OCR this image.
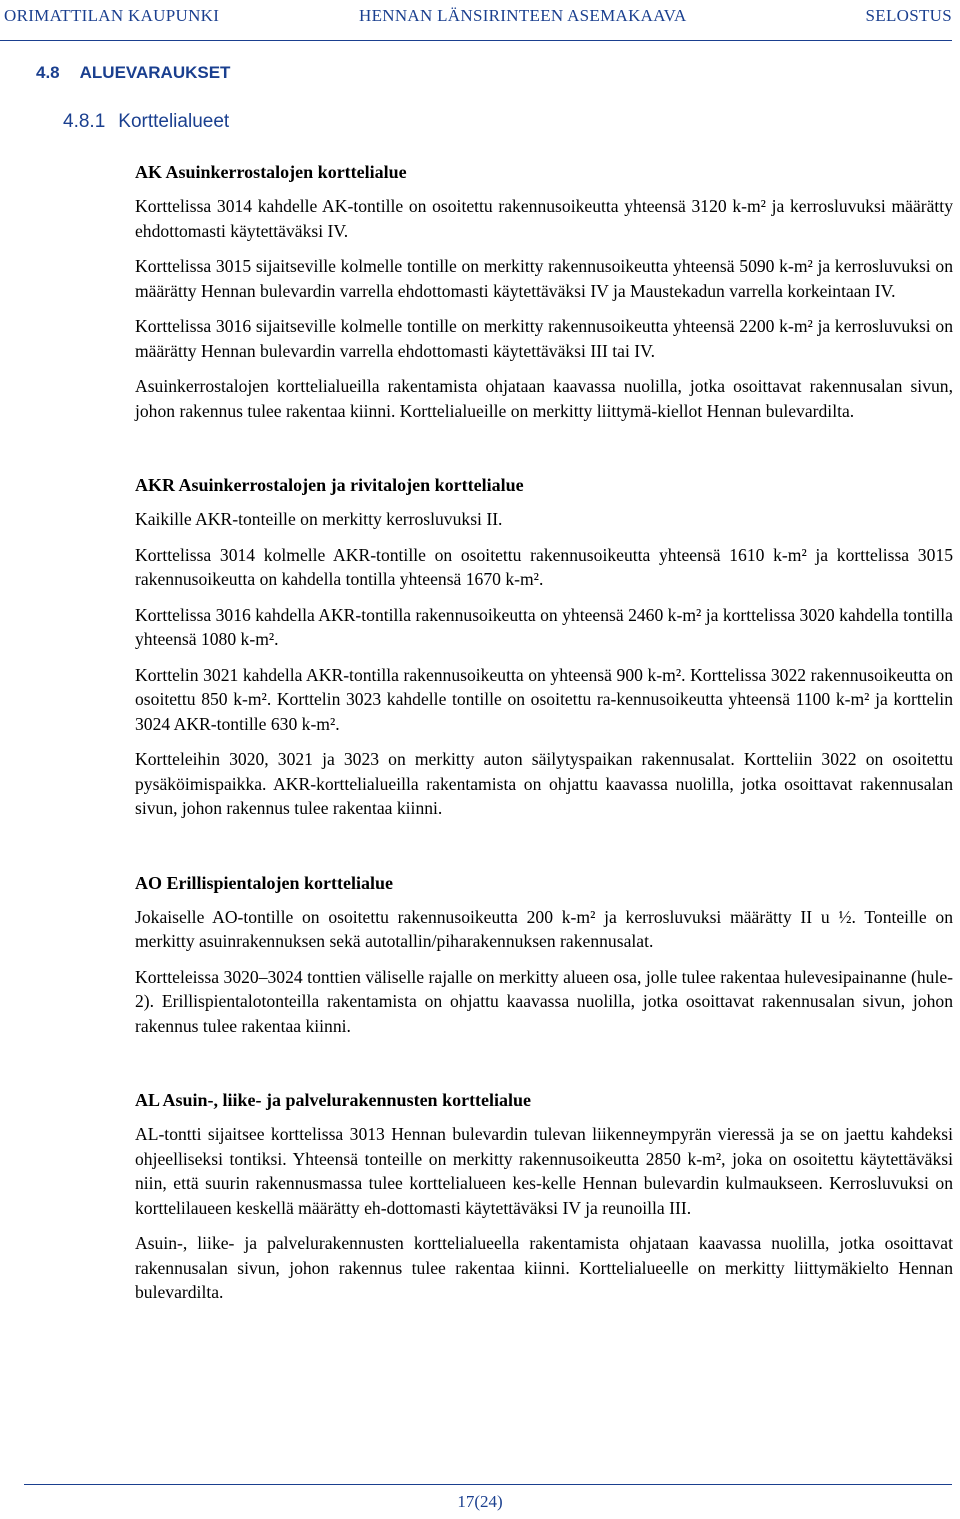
ORIMATTILAN KAUPUNKI	HENNAN LÄNSIRINTEEN ASEMAKAAVA	SELOSTUS
4.8 ALUEVARAUKSET
4.8.1 Korttelialueet
AK Asuinkerrostalojen korttelialue

Korttelissa 3014 kahdelle AK-tontille on osoitettu rakennusoikeutta yhteensä 3120 k-m² ja kerrosluvuksi määrätty ehdottomasti käytettäväksi IV.

Korttelissa 3015 sijaitseville kolmelle tontille on merkitty rakennusoikeutta yhteensä 5090 k-m² ja kerrosluvuksi on määrätty Hennan bulevardin varrella ehdottomasti käytettäväksi IV ja Maustekadun varrella korkeintaan IV.

Korttelissa 3016 sijaitseville kolmelle tontille on merkitty rakennusoikeutta yhteensä 2200 k-m² ja kerrosluvuksi on määrätty Hennan bulevardin varrella ehdottomasti käytettäväksi III tai IV.

Asuinkerrostalojen korttelialueilla rakentamista ohjataan kaavassa nuolilla, jotka osoittavat rakennusalan sivun, johon rakennus tulee rakentaa kiinni. Korttelialueille on merkitty liittymä-kiellot Hennan bulevardilta.

AKR Asuinkerrostalojen ja rivitalojen korttelialue

Kaikille AKR-tonteille on merkitty kerrosluvuksi II.

Korttelissa 3014 kolmelle AKR-tontille on osoitettu rakennusoikeutta yhteensä 1610 k-m² ja korttelissa 3015 rakennusoikeutta on kahdella tontilla yhteensä 1670 k-m².

Korttelissa 3016 kahdella AKR-tontilla rakennusoikeutta on yhteensä 2460 k-m² ja korttelissa 3020 kahdella tontilla yhteensä 1080 k-m².

Korttelin 3021 kahdella AKR-tontilla rakennusoikeutta on yhteensä 900 k-m². Korttelissa 3022 rakennusoikeutta on osoitettu 850 k-m². Korttelin 3023 kahdelle tontille on osoitettu ra-kennusoikeutta yhteensä 1100 k-m² ja korttelin 3024 AKR-tontille 630 k-m².

Kortteleihin 3020, 3021 ja 3023 on merkitty auton säilytyspaikan rakennusalat. Kortteliin 3022 on osoitettu pysäköimispaikka. AKR-korttelialueilla rakentamista on ohjattu kaavassa nuolilla, jotka osoittavat rakennusalan sivun, johon rakennus tulee rakentaa kiinni.

AO Erillispientalojen korttelialue

Jokaiselle AO-tontille on osoitettu rakennusoikeutta 200 k-m² ja kerrosluvuksi määrätty II u ½. Tonteille on merkitty asuinrakennuksen sekä autotallin/piharakennuksen rakennusalat.

Kortteleissa 3020–3024 tonttien väliselle rajalle on merkitty alueen osa, jolle tulee rakentaa hulevesipainanne (hule-2). Erillispientalotonteilla rakentamista on ohjattu kaavassa nuolilla, jotka osoittavat rakennusalan sivun, johon rakennus tulee rakentaa kiinni.

AL Asuin-, liike- ja palvelurakennusten korttelialue

AL-tontti sijaitsee korttelissa 3013 Hennan bulevardin tulevan liikenneympyrän vieressä ja se on jaettu kahdeksi ohjeelliseksi tontiksi. Yhteensä tonteille on merkitty rakennusoikeutta 2850 k-m², joka on osoitettu käytettäväksi niin, että suurin rakennusmassa tulee korttelialueen kes-kelle Hennan bulevardin kulmaukseen. Kerrosluvuksi on korttelilaueen keskellä määrätty eh-dottomasti käytettäväksi IV ja reunoilla III.

Asuin-, liike- ja palvelurakennusten korttelialueella rakentamista ohjataan kaavassa nuolilla, jotka osoittavat rakennusalan sivun, johon rakennus tulee rakentaa kiinni. Korttelialueelle on merkitty liittymäkielto Hennan bulevardilta.

17(24)
